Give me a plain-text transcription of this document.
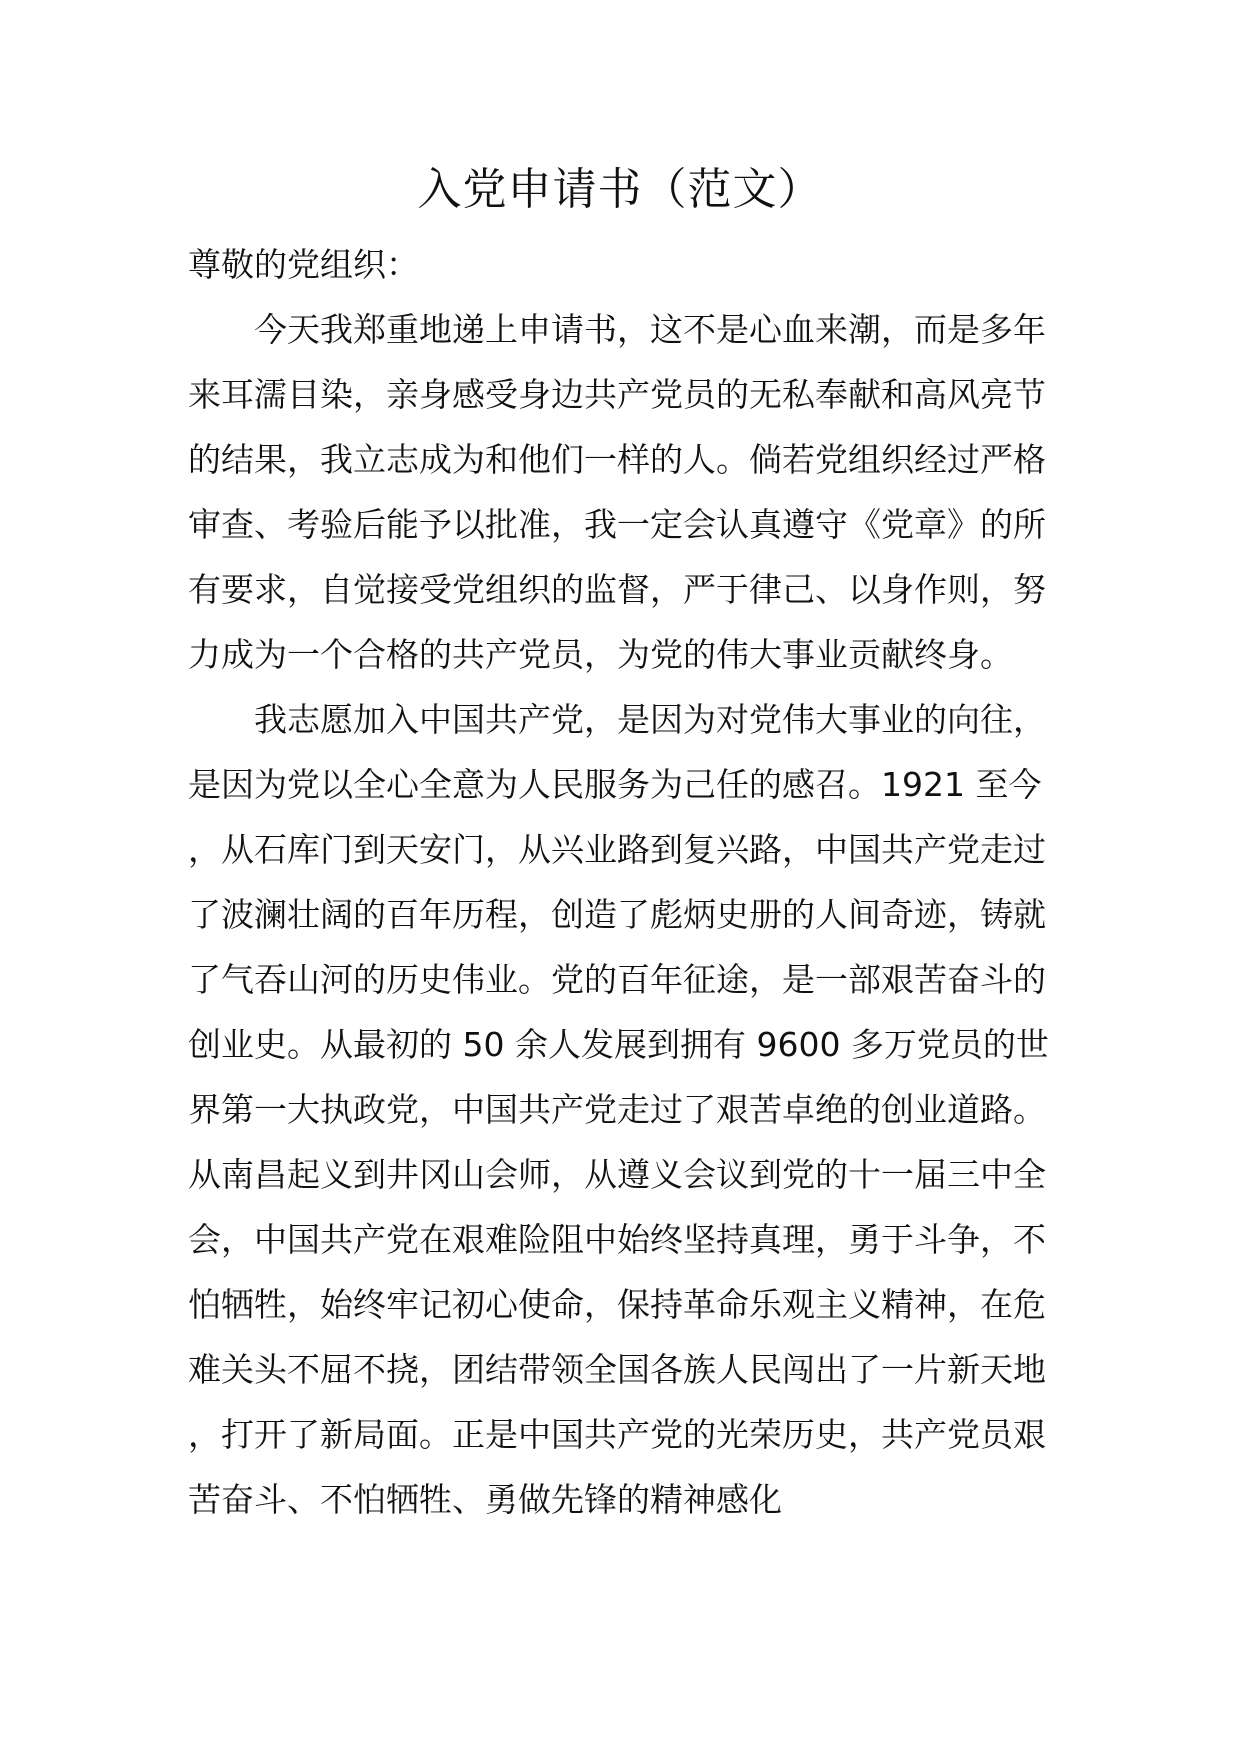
入党申请书（范文）

尊敬的党组织：

今天我郑重地递上申请书，这不是心血来潮，而是多年来耳濡目染，亲身感受身边共产党员的无私奉献和高风亮节的结果，我立志成为和他们一样的人。倘若党组织经过严格审查、考验后能予以批准，我一定会认真遵守《党章》的所有要求，自觉接受党组织的监督，严于律己、以身作则，努力成为一个合格的共产党员，为党的伟大事业贡献终身。

我志愿加入中国共产党，是因为对党伟大事业的向往，是因为党以全心全意为人民服务为己任的感召。1921 至今，从石库门到天安门，从兴业路到复兴路，中国共产党走过了波澜壮阔的百年历程，创造了彪炳史册的人间奇迹，铸就了气吞山河的历史伟业。党的百年征途，是一部艰苦奋斗的创业史。从最初的 50 余人发展到拥有 9600 多万党员的世界第一大执政党，中国共产党走过了艰苦卓绝的创业道路。从南昌起义到井冈山会师，从遵义会议到党的十一届三中全会，中国共产党在艰难险阻中始终坚持真理，勇于斗争，不怕牺牲，始终牢记初心使命，保持革命乐观主义精神，在危难关头不屈不挠，团结带领全国各族人民闯出了一片新天地，打开了新局面。正是中国共产党的光荣历史，共产党员艰苦奋斗、不怕牺牲、勇做先锋的精神感化
